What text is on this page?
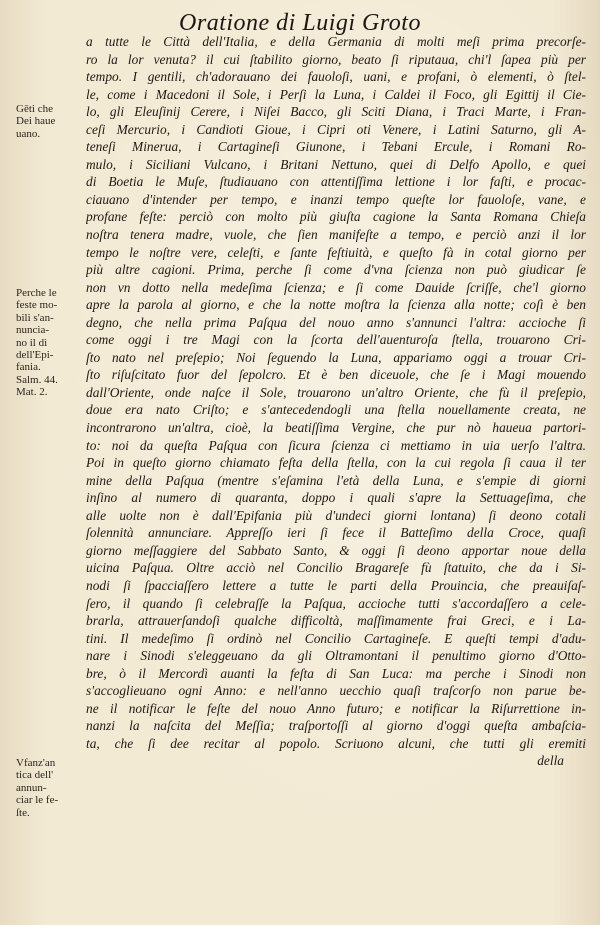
Oratione di Luigi Groto
Gēti che
Dei haue
uano.
Perche le
feste mo-
bili s'an-
nuncia-
no il dì
dell'Epi-
fania.
Salm. 44.
Mat. 2.
Vfanz'an
tica dell'
annun-
ciar le fe-
ſte.
a tutte le Città dell'Italia, e della Germania di molti meſi prima precorſe-
ro la lor venuta? il cui ſtabilito giorno, beato ſi riputaua, chi'l ſapea più per
tempo. I gentili, ch'adorauano dei fauoloſi, uani, e profani, ò elementi, ò ſtel-
le, come i Macedoni il Sole, i Perſi la Luna, i Caldei il Foco, gli Egittij il Cie-
lo, gli Eleuſinij Cerere, i Niſei Bacco, gli Sciti Diana, i Traci Marte, i Fran-
ceſi Mercurio, i Candioti Gioue, i Cipri oti Venere, i Latini Saturno, gli A-
teneſi Minerua, i Cartagineſi Giunone, i Tebani Ercule, i Romani Ro-
mulo, i Siciliani Vulcano, i Britani Nettuno, quei di Delfo Apollo, e quei
di Boetia le Muſe, ſtudiauano con attentiſſima lettione i lor faſti, e procac-
ciauano d'intender per tempo, e inanzi tempo queſte lor fauoloſe, vane, e
profane feſte: perciò con molto più giuſta cagione la Santa Romana Chieſa
noſtra tenera madre, vuole, che ſien manifeſte a tempo, e perciò anzi il lor
tempo le noſtre vere, celeſti, e ſante feſtiuità, e queſto fà in cotal giorno per
più altre cagioni. Prima, perche ſi come d'vna ſcienza non può giudicar ſe
non vn dotto nella medeſima ſcienza; e ſi come Dauide ſcriſſe, che'l giorno
apre la parola al giorno, e che la notte moſtra la ſcienza alla notte; coſì è ben
degno, che nella prima Paſqua del nouo anno s'annunci l'altra: accioche ſi
come oggi i tre Magi con la ſcorta dell'auenturoſa ſtella, trouarono Cri-
ſto nato nel preſepio; Noi ſeguendo la Luna, appariamo oggi a trouar Cri-
ſto riſuſcitato fuor del ſepolcro. Et è ben diceuole, che ſe i Magi mouendo
dall'Oriente, onde naſce il Sole, trouarono un'altro Oriente, che fù il preſepio,
doue era nato Criſto; e s'antecedendogli una ſtella nouellamente creata, ne
incontrarono un'altra, cioè, la beatiſſima Vergine, che pur nò haueua partori-
to: noi da queſta Paſqua con ſicura ſcienza ci mettiamo in uia uerſo l'altra.
Poi in queſto giorno chiamato feſta della ſtella, con la cui regola ſi caua il ter
mine della Paſqua (mentre s'eſamina l'età della Luna, e s'empie di giorni
inſino al numero di quaranta, doppo i quali s'apre la Settuageſima, che
alle uolte non è dall'Epifania più d'undeci giorni lontana) ſi deono cotali
ſolennità annunciare. Appreſſo ieri ſi fece il Batteſimo della Croce, quaſi
giorno meſſaggiere del Sabbato Santo, & oggi ſi deono apportar noue della
uicina Paſqua. Oltre acciò nel Concilio Bragareſe fù ſtatuito, che da i Si-
nodi ſi ſpacciaſſero lettere a tutte le parti della Prouincia, che preauiſaſ-
ſero, il quando ſi celebraſſe la Paſqua, accioche tutti s'accordaſſero a cele-
brarla, attrauerſandoſi qualche difficoltà, maſſimamente frai Greci, e i La-
tini. Il medeſimo ſi ordinò nel Concilio Cartagineſe. E queſti tempi d'adu-
nare i Sinodi s'eleggeuano da gli Oltramontani il penultimo giorno d'Otto-
bre, ò il Mercordì auanti la feſta di San Luca: ma perche i Sinodi non
s'accoglieuano ogni Anno: e nell'anno uecchio quaſi traſcorſo non parue be-
ne il notificar le feſte del nouo Anno futuro; e notificar la Riſurrettione in-
nanzi la naſcita del Meſſia; traſportoſſi al giorno d'oggi queſta ambaſcia-
ta, che ſi dee recitar al popolo. Scriuono alcuni, che tutti gli eremiti
della
